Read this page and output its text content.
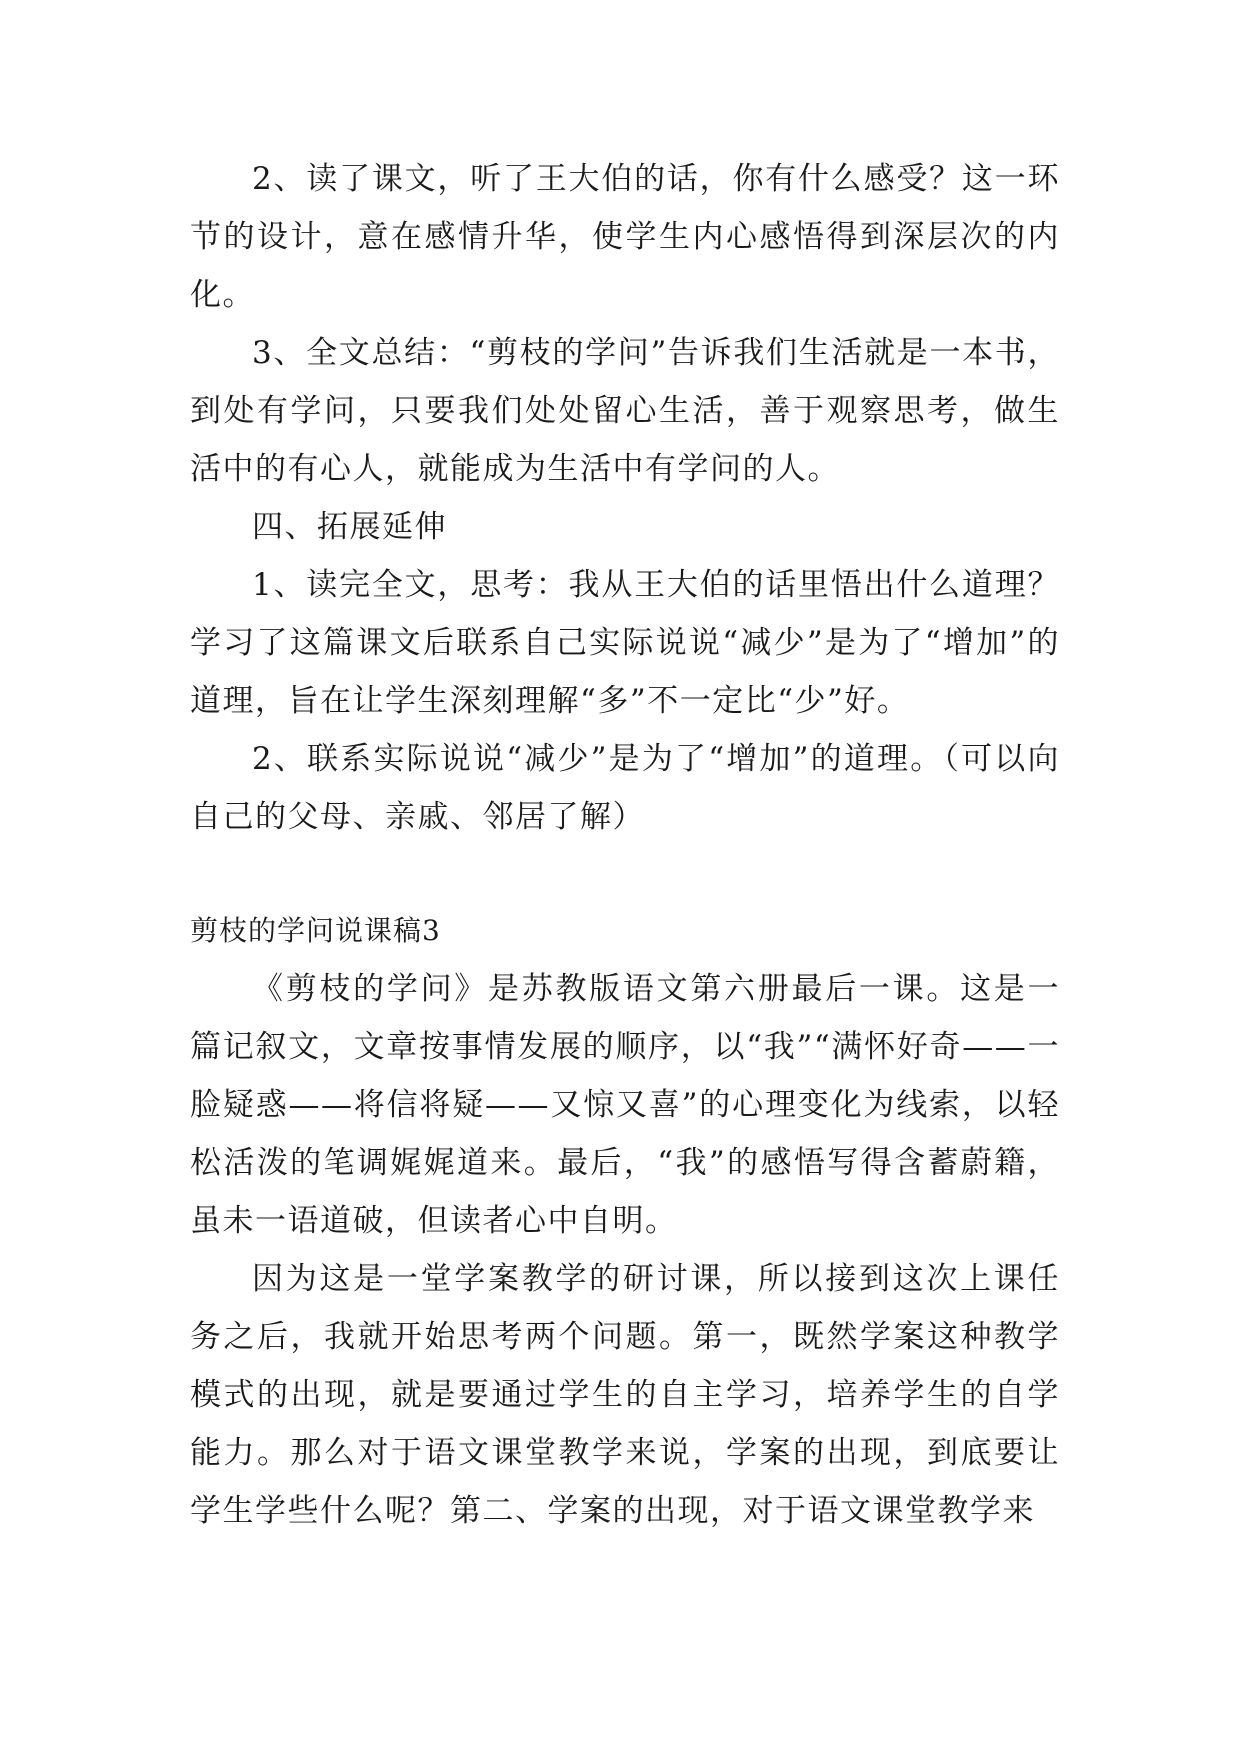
2、读了课文，听了王大伯的话，你有什么感受？这一环节的设计，意在感情升华，使学生内心感悟得到深层次的内化。

3、全文总结：“剪枝的学问”告诉我们生活就是一本书，到处有学问，只要我们处处留心生活，善于观察思考，做生活中的有心人，就能成为生活中有学问的人。

四、拓展延伸

1、读完全文，思考：我从王大伯的话里悟出什么道理？学习了这篇课文后联系自己实际说说“减少”是为了“增加”的道理，旨在让学生深刻理解“多”不一定比“少”好。

2、联系实际说说“减少”是为了“增加”的道理。（可以向自己的父母、亲戚、邻居了解）

剪枝的学问说课稿3

《剪枝的学问》是苏教版语文第六册最后一课。这是一篇记叙文，文章按事情发展的顺序，以“我”“满怀好奇——一脸疑惑——将信将疑——又惊又喜”的心理变化为线索，以轻松活泼的笔调娓娓道来。最后，“我”的感悟写得含蓄蔚籍，虽未一语道破，但读者心中自明。

因为这是一堂学案教学的研讨课，所以接到这次上课任务之后，我就开始思考两个问题。第一，既然学案这种教学模式的出现，就是要通过学生的自主学习，培养学生的自学能力。那么对于语文课堂教学来说，学案的出现，到底要让学生学些什么呢？第二、学案的出现，对于语文课堂教学来
